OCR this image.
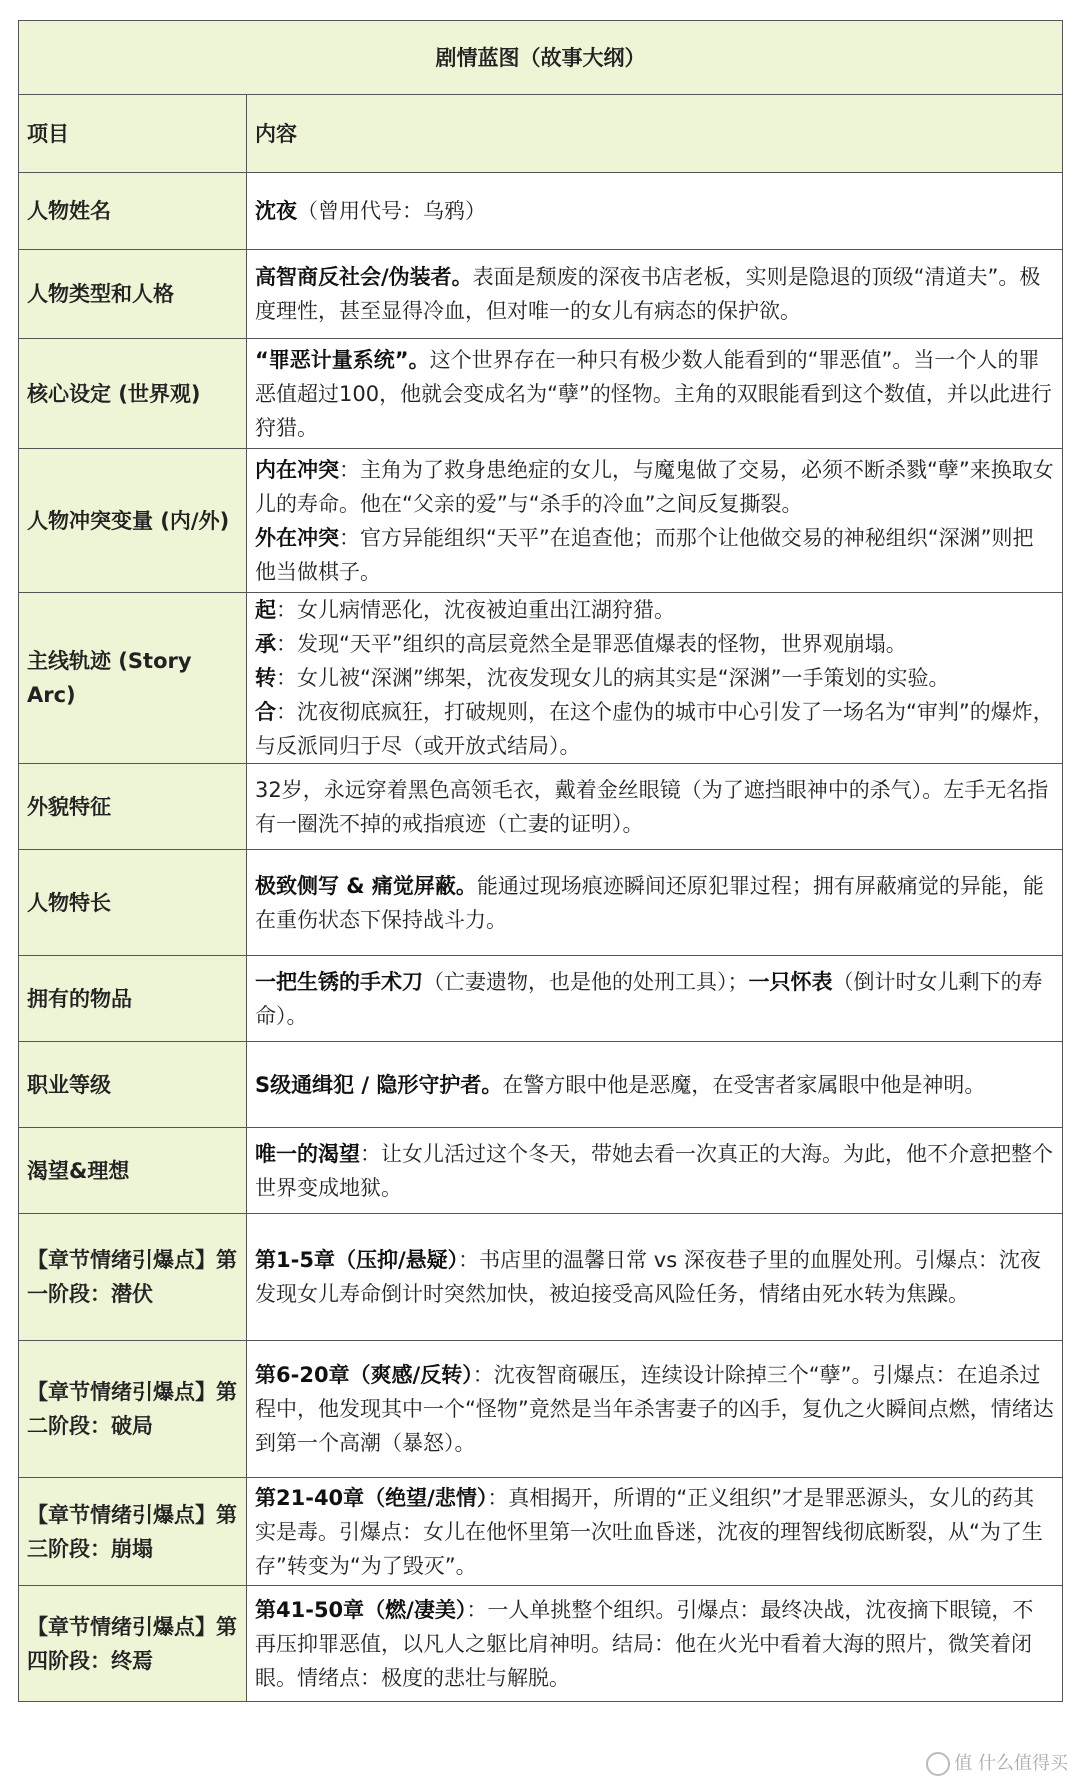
剧情蓝图（故事大纲）	
项目	内容
人物姓名	沈夜（曾用代号：乌鸦）
人物类型和人格	高智商反社会/伪装者。表面是颓废的深夜书店老板，实则是隐退的顶级“清道夫”。极度理性，甚至显得冷血，但对唯一的女儿有病态的保护欲。
核心设定 (世界观)	“罪恶计量系统”。这个世界存在一种只有极少数人能看到的“罪恶值”。当一个人的罪恶值超过100，他就会变成名为“孽”的怪物。主角的双眼能看到这个数值，并以此进行狩猎。
人物冲突变量 (内/外)	内在冲突：主角为了救身患绝症的女儿，与魔鬼做了交易，必须不断杀戮“孽”来换取女儿的寿命。他在“父亲的爱”与“杀手的冷血”之间反复撕裂。
外在冲突：官方异能组织“天平”在追查他；而那个让他做交易的神秘组织“深渊”则把他当做棋子。

主线轨迹 (Story Arc)	起：女儿病情恶化，沈夜被迫重出江湖狩猎。
承：发现“天平”组织的高层竟然全是罪恶值爆表的怪物，世界观崩塌。
转：女儿被“深渊”绑架，沈夜发现女儿的病其实是“深渊”一手策划的实验。
合：沈夜彻底疯狂，打破规则，在这个虚伪的城市中心引发了一场名为“审判”的爆炸，与反派同归于尽（或开放式结局）。

外貌特征	32岁，永远穿着黑色高领毛衣，戴着金丝眼镜（为了遮挡眼神中的杀气）。左手无名指有一圈洗不掉的戒指痕迹（亡妻的证明）。
人物特长	极致侧写 & 痛觉屏蔽。能通过现场痕迹瞬间还原犯罪过程；拥有屏蔽痛觉的异能，能在重伤状态下保持战斗力。
拥有的物品	一把生锈的手术刀（亡妻遗物，也是他的处刑工具）；一只怀表（倒计时女儿剩下的寿命）。
职业等级	S级通缉犯 / 隐形守护者。在警方眼中他是恶魔，在受害者家属眼中他是神明。
渴望&理想	唯一的渴望：让女儿活过这个冬天，带她去看一次真正的大海。为此，他不介意把整个世界变成地狱。
【章节情绪引爆点】第一阶段：潜伏	第1-5章（压抑/悬疑）：书店里的温馨日常 vs 深夜巷子里的血腥处刑。引爆点：沈夜发现女儿寿命倒计时突然加快，被迫接受高风险任务，情绪由死水转为焦躁。
【章节情绪引爆点】第二阶段：破局	第6-20章（爽感/反转）：沈夜智商碾压，连续设计除掉三个“孽”。引爆点：在追杀过程中，他发现其中一个“怪物”竟然是当年杀害妻子的凶手，复仇之火瞬间点燃，情绪达到第一个高潮（暴怒）。
【章节情绪引爆点】第三阶段：崩塌	第21-40章（绝望/悲情）：真相揭开，所谓的“正义组织”才是罪恶源头，女儿的药其实是毒。引爆点：女儿在他怀里第一次吐血昏迷，沈夜的理智线彻底断裂，从“为了生存”转变为“为了毁灭”。
【章节情绪引爆点】第四阶段：终焉	第41-50章（燃/凄美）：一人单挑整个组织。引爆点：最终决战，沈夜摘下眼镜，不再压抑罪恶值，以凡人之躯比肩神明。结局：他在火光中看着大海的照片，微笑着闭眼。情绪点：极度的悲壮与解脱。
值 什么值得买
